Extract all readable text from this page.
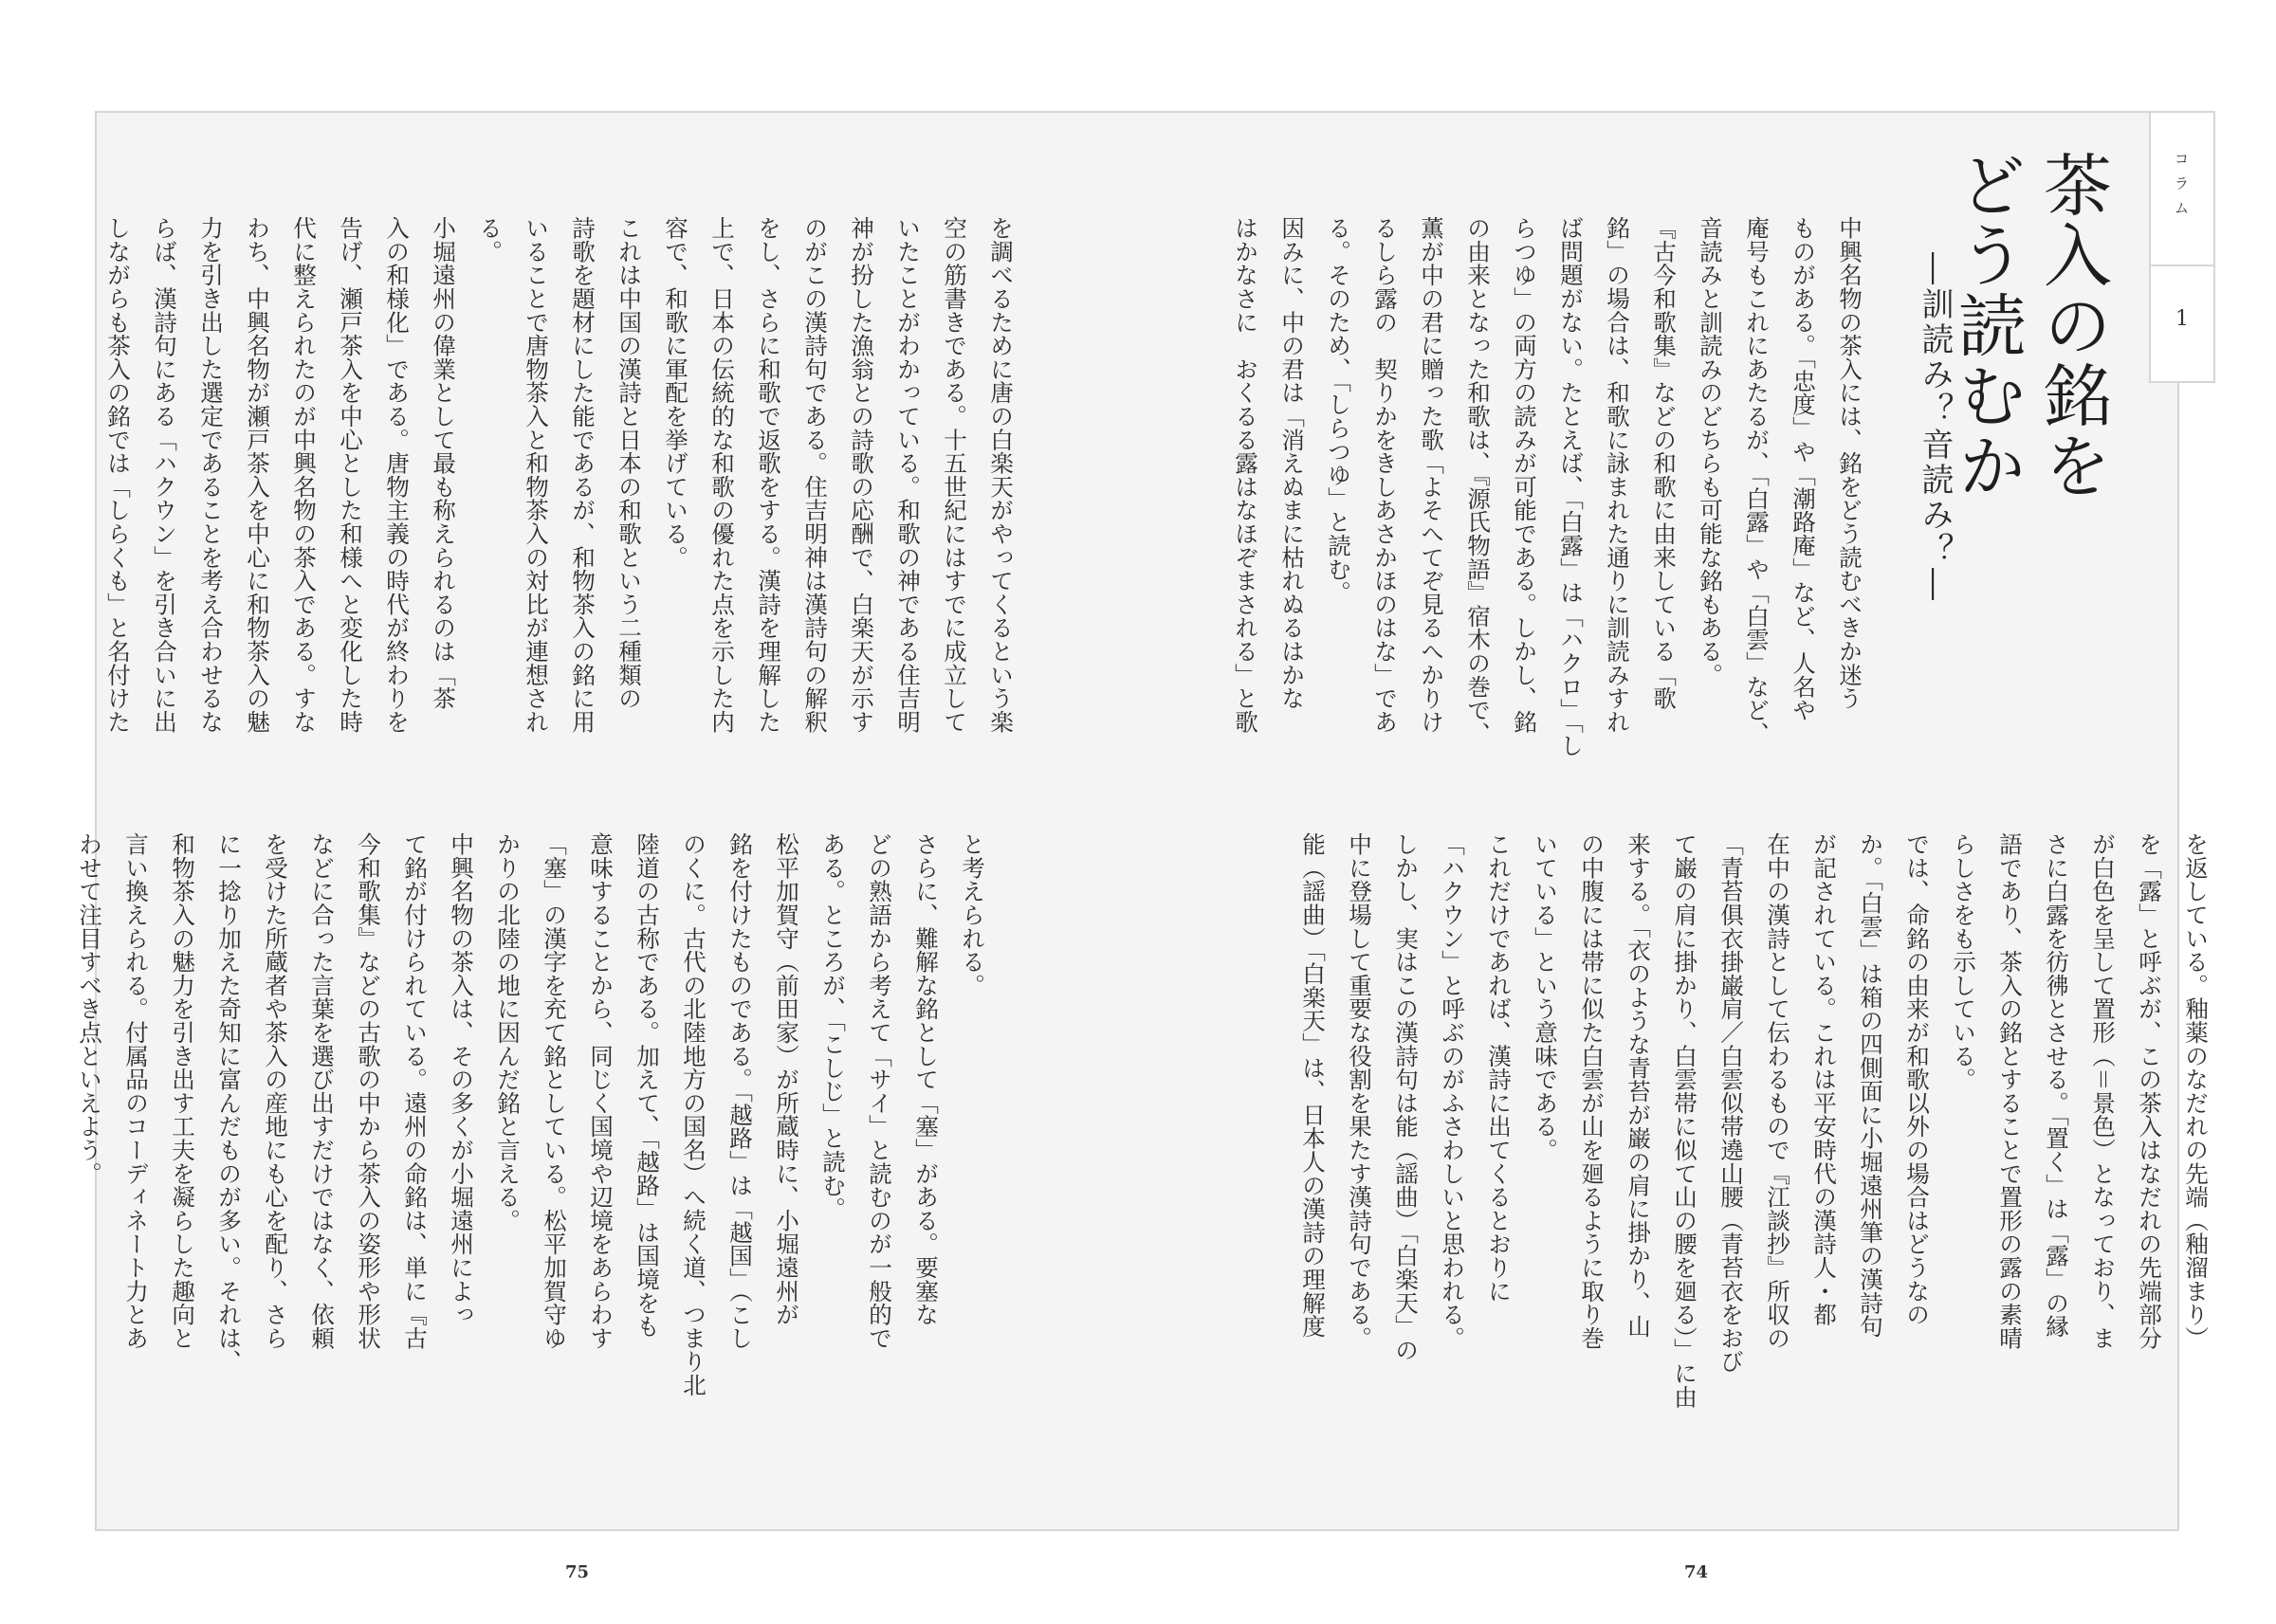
コラム
1
茶入の銘を
どう読むか
―訓読み？音読み？―
中興名物の茶入には、銘をどう読むべきか迷う
ものがある。「忠度」や「潮路庵」など、人名や
庵号もこれにあたるが、「白露」や「白雲」など、
音読みと訓読みのどちらも可能な銘もある。
『古今和歌集』などの和歌に由来している「歌
銘」の場合は、和歌に詠まれた通りに訓読みすれ
ば問題がない。たとえば、「白露」は「ハクロ」「し
らつゆ」の両方の読みが可能である。しかし、銘
の由来となった和歌は、『源氏物語』宿木の巻で、
薫が中の君に贈った歌「よそへてぞ見るへかりけ
るしら露の　契りかをきしあさかほのはな」であ
る。そのため、「しらつゆ」と読む。
因みに、中の君は「消えぬまに枯れぬるはかな
はかなさに　おくるる露はなほぞまされる」と歌
を返している。釉薬のなだれの先端（釉溜まり）
を「露」と呼ぶが、この茶入はなだれの先端部分
が白色を呈して置形（＝景色）となっており、ま
さに白露を彷彿とさせる。「置く」は「露」の縁
語であり、茶入の銘とすることで置形の露の素晴
らしさをも示している。
では、命銘の由来が和歌以外の場合はどうなの
か。「白雲」は箱の四側面に小堀遠州筆の漢詩句
が記されている。これは平安時代の漢詩人・都
在中の漢詩として伝わるもので『江談抄』所収の
「青苔俱衣掛巌肩／白雲似帯遶山腰（青苔衣をおび
て巌の肩に掛かり、白雲帯に似て山の腰を廻る）」に由
来する。「衣のような青苔が巌の肩に掛かり、山
の中腹には帯に似た白雲が山を廻るように取り巻
いている」という意味である。
これだけであれば、漢詩に出てくるとおりに
「ハクウン」と呼ぶのがふさわしいと思われる。
しかし、実はこの漢詩句は能（謡曲）「白楽天」の
中に登場して重要な役割を果たす漢詩句である。
能（謡曲）「白楽天」は、日本人の漢詩の理解度
を調べるために唐の白楽天がやってくるという楽
空の筋書きである。十五世紀にはすでに成立して
いたことがわかっている。和歌の神である住吉明
神が扮した漁翁との詩歌の応酬で、白楽天が示す
のがこの漢詩句である。住吉明神は漢詩句の解釈
をし、さらに和歌で返歌をする。漢詩を理解した
上で、日本の伝統的な和歌の優れた点を示した内
容で、和歌に軍配を挙げている。
これは中国の漢詩と日本の和歌という二種類の
詩歌を題材にした能であるが、和物茶入の銘に用
いることで唐物茶入と和物茶入の対比が連想され
る。
小堀遠州の偉業として最も称えられるのは「茶
入の和様化」である。唐物主義の時代が終わりを
告げ、瀬戸茶入を中心とした和様へと変化した時
代に整えられたのが中興名物の茶入である。すな
わち、中興名物が瀬戸茶入を中心に和物茶入の魅
力を引き出した選定であることを考え合わせるな
らば、漢詩句にある「ハクウン」を引き合いに出
しながらも茶入の銘では「しらくも」と名付けた
と考えられる。
さらに、難解な銘として「塞」がある。要塞な
どの熟語から考えて「サイ」と読むのが一般的で
ある。ところが、「こしじ」と読む。
松平加賀守（前田家）が所蔵時に、小堀遠州が
銘を付けたものである。「越路」は「越国」（こし
のくに。古代の北陸地方の国名）へ続く道、つまり北
陸道の古称である。加えて、「越路」は国境をも
意味することから、同じく国境や辺境をあらわす
「塞」の漢字を充て銘としている。松平加賀守ゆ
かりの北陸の地に因んだ銘と言える。
中興名物の茶入は、その多くが小堀遠州によっ
て銘が付けられている。遠州の命銘は、単に『古
今和歌集』などの古歌の中から茶入の姿形や形状
などに合った言葉を選び出すだけではなく、依頼
を受けた所蔵者や茶入の産地にも心を配り、さら
に一捻り加えた奇知に富んだものが多い。それは、
和物茶入の魅力を引き出す工夫を凝らした趣向と
言い換えられる。付属品のコーディネート力とあ
わせて注目すべき点といえよう。
75	74
